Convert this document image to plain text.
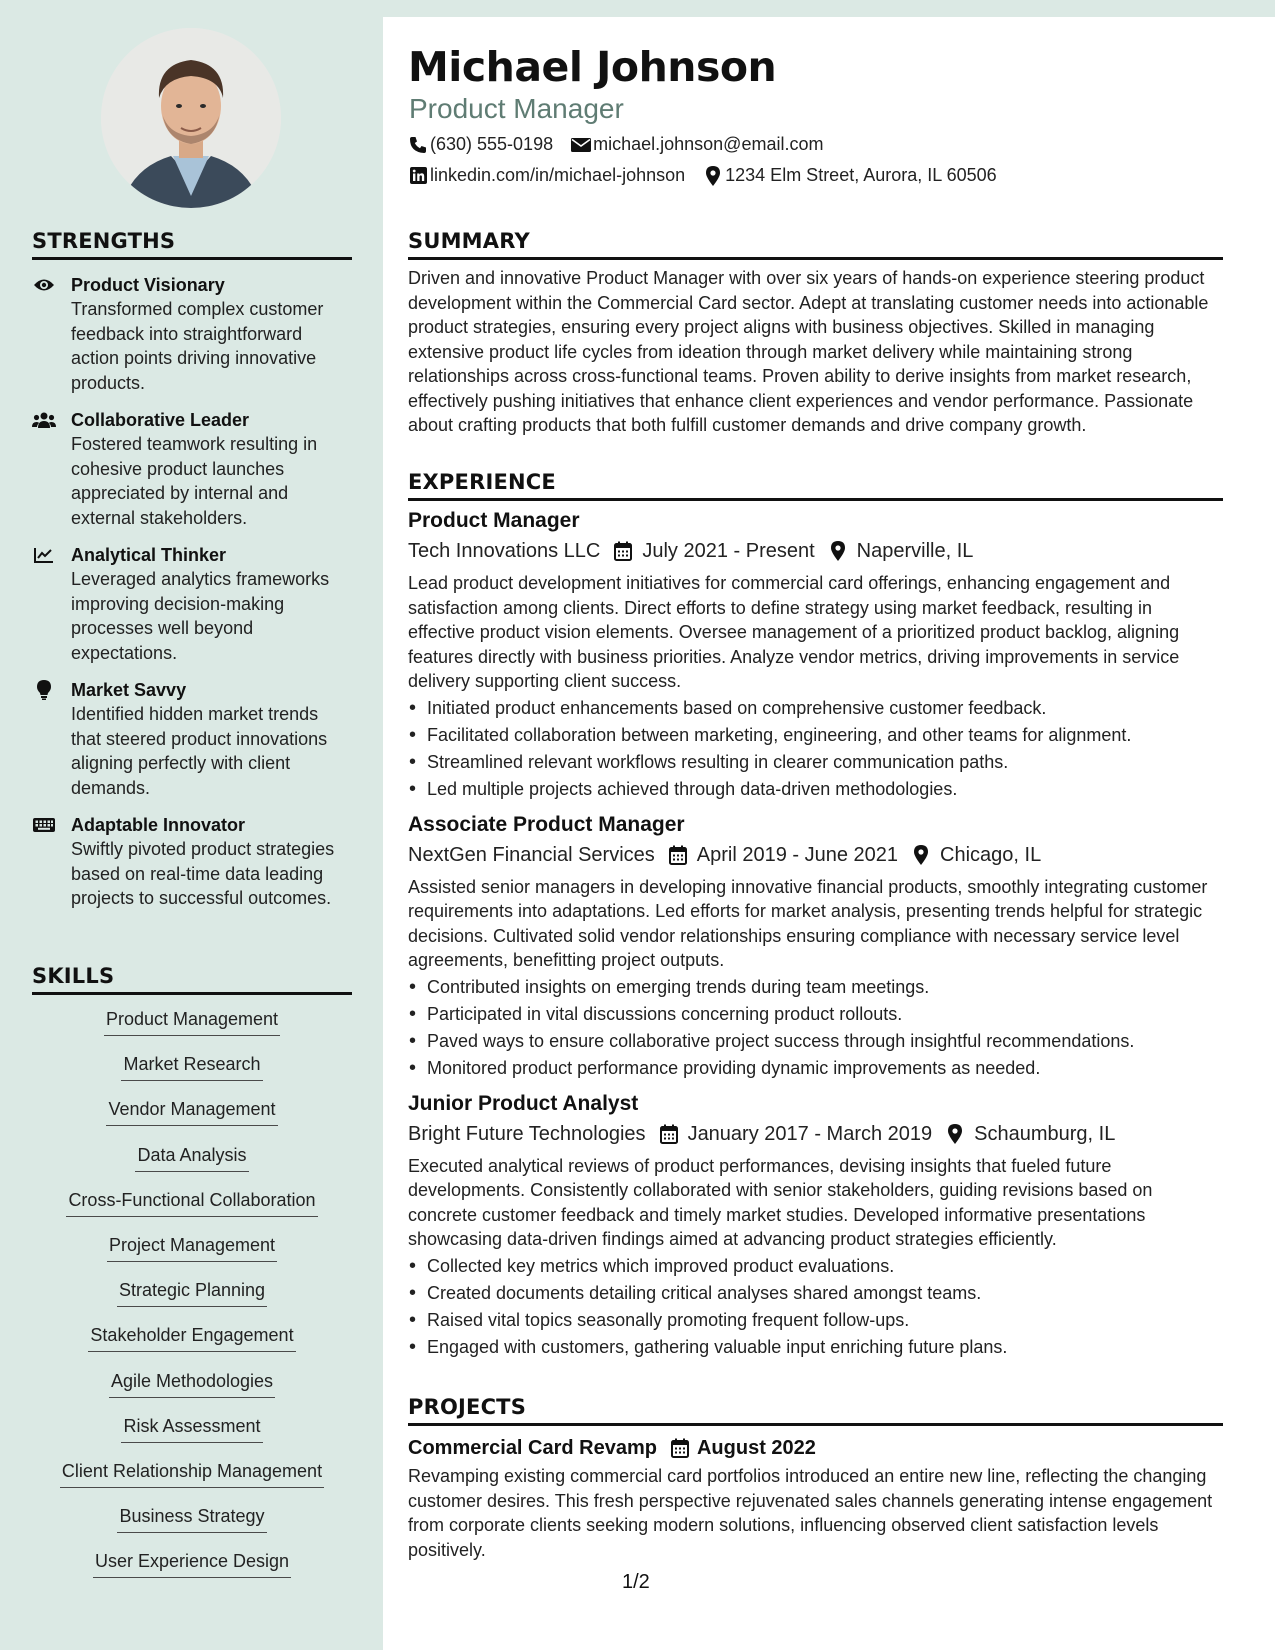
STRENGTHS
Product Visionary
Transformed complex customer feedback into straightforward action points driving innovative products.
Collaborative Leader
Fostered teamwork resulting in cohesive product launches appreciated by internal and external stakeholders.
Analytical Thinker
Leveraged analytics frameworks improving decision-making processes well beyond expectations.
Market Savvy
Identified hidden market trends that steered product innovations aligning perfectly with client demands.
Adaptable Innovator
Swiftly pivoted product strategies based on real-time data leading projects to successful outcomes.
SKILLS
Product Management
Market Research
Vendor Management
Data Analysis
Cross-Functional Collaboration
Project Management
Strategic Planning
Stakeholder Engagement
Agile Methodologies
Risk Assessment
Client Relationship Management
Business Strategy
User Experience Design
Michael Johnson
Product Manager
(630) 555-0198 michael.johnson@email.com
linkedin.com/in/michael-johnson 1234 Elm Street, Aurora, IL 60506
SUMMARY
Driven and innovative Product Manager with over six years of hands-on experience steering product development within the Commercial Card sector. Adept at translating customer needs into actionable product strategies, ensuring every project aligns with business objectives. Skilled in managing extensive product life cycles from ideation through market delivery while maintaining strong relationships across cross-functional teams. Proven ability to derive insights from market research, effectively pushing initiatives that enhance client experiences and vendor performance. Passionate about crafting products that both fulfill customer demands and drive company growth.
EXPERIENCE
Product Manager
Tech Innovations LLC July 2021 - Present Naperville, IL
Lead product development initiatives for commercial card offerings, enhancing engagement and satisfaction among clients. Direct efforts to define strategy using market feedback, resulting in effective product vision elements. Oversee management of a prioritized product backlog, aligning features directly with business priorities. Analyze vendor metrics, driving improvements in service delivery supporting client success.
• Initiated product enhancements based on comprehensive customer feedback.
• Facilitated collaboration between marketing, engineering, and other teams for alignment.
• Streamlined relevant workflows resulting in clearer communication paths.
• Led multiple projects achieved through data-driven methodologies.
Associate Product Manager
NextGen Financial Services April 2019 - June 2021 Chicago, IL
Assisted senior managers in developing innovative financial products, smoothly integrating customer requirements into adaptations. Led efforts for market analysis, presenting trends helpful for strategic decisions. Cultivated solid vendor relationships ensuring compliance with necessary service level agreements, benefitting project outputs.
• Contributed insights on emerging trends during team meetings.
• Participated in vital discussions concerning product rollouts.
• Paved ways to ensure collaborative project success through insightful recommendations.
• Monitored product performance providing dynamic improvements as needed.
Junior Product Analyst
Bright Future Technologies January 2017 - March 2019 Schaumburg, IL
Executed analytical reviews of product performances, devising insights that fueled future developments. Consistently collaborated with senior stakeholders, guiding revisions based on concrete customer feedback and timely market studies. Developed informative presentations showcasing data-driven findings aimed at advancing product strategies efficiently.
• Collected key metrics which improved product evaluations.
• Created documents detailing critical analyses shared amongst teams.
• Raised vital topics seasonally promoting frequent follow-ups.
• Engaged with customers, gathering valuable input enriching future plans.
PROJECTS
Commercial Card Revamp August 2022
Revamping existing commercial card portfolios introduced an entire new line, reflecting the changing customer desires. This fresh perspective rejuvenated sales channels generating intense engagement from corporate clients seeking modern solutions, influencing observed client satisfaction levels positively.
1/2
